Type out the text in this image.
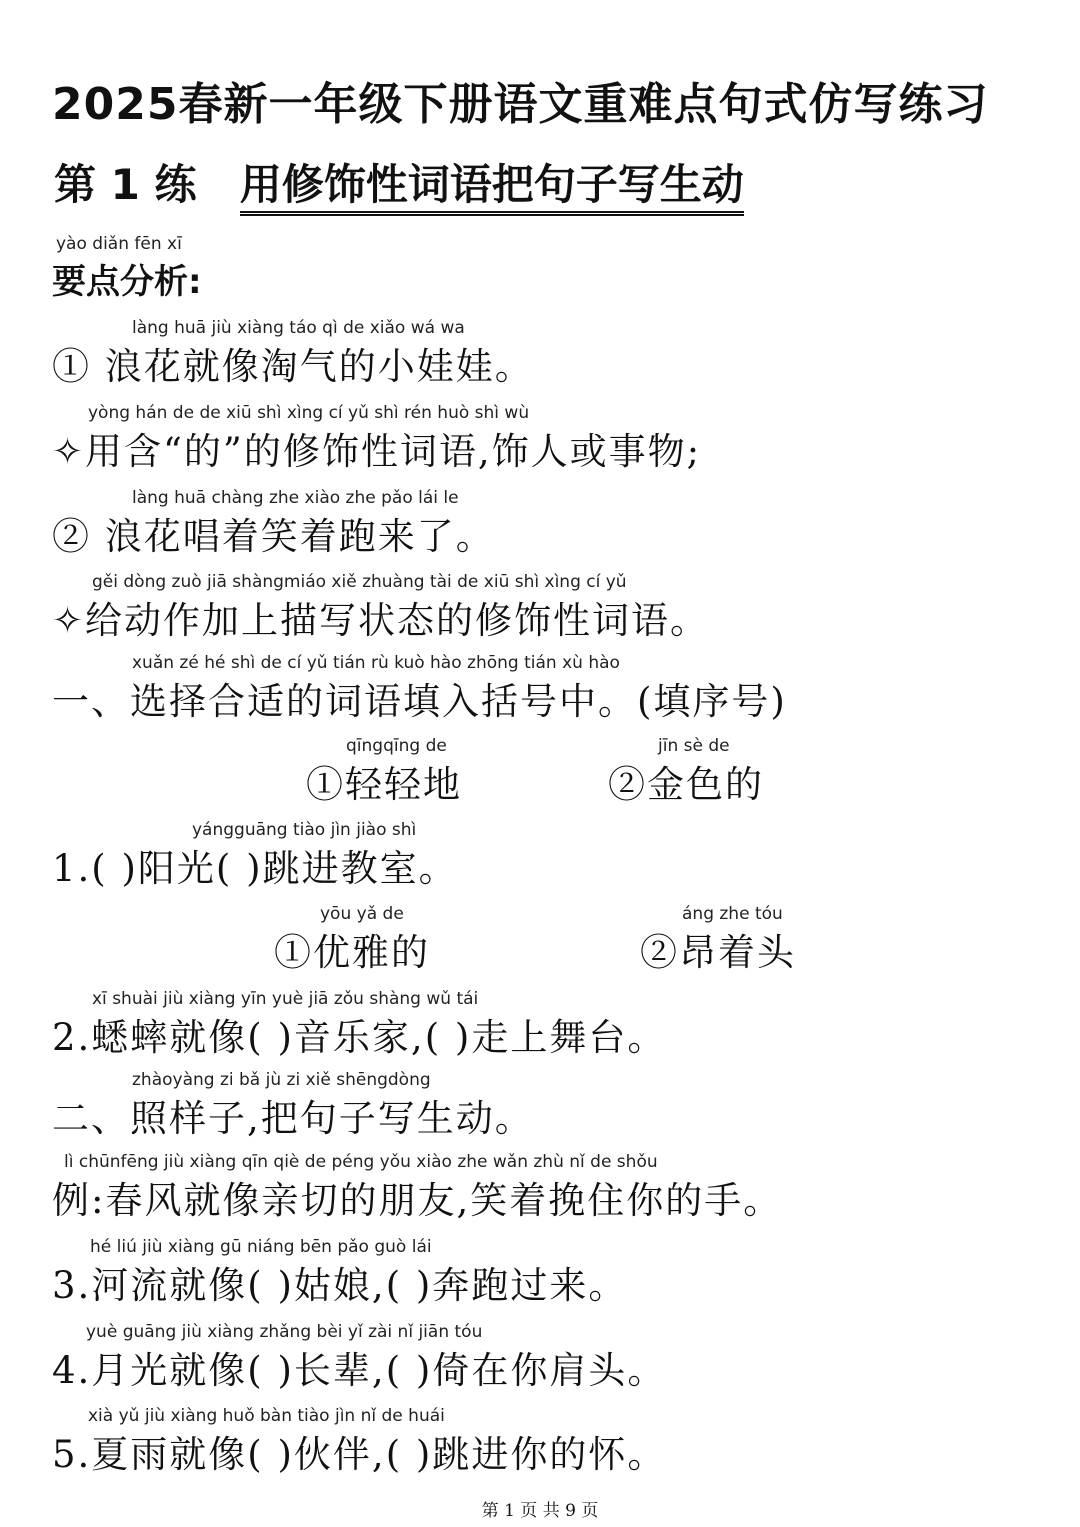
2025春新一年级下册语文重难点句式仿写练习
第 1 练 用修饰性词语把句子写生动
yào diǎn fēn xī
要点分析:
làng huā jiù xiàng táo qì de xiǎo wá wa
① 浪花就像淘气的小娃娃。
yòng hán de de xiū shì xìng cí yǔ shì rén huò shì wù
✧用含“的”的修饰性词语,饰人或事物;
làng huā chàng zhe xiào zhe pǎo lái le
② 浪花唱着笑着跑来了。
gěi dòng zuò jiā shàngmiáo xiě zhuàng tài de xiū shì xìng cí yǔ
✧给动作加上描写状态的修饰性词语。
xuǎn zé hé shì de cí yǔ tián rù kuò hào zhōng tián xù hào
一、选择合适的词语填入括号中。(填序号)
qīngqīng de
①轻轻地
jīn sè de
②金色的
yángguāng tiào jìn jiào shì
1.( )阳光( )跳进教室。
yōu yǎ de
①优雅的
áng zhe tóu
②昂着头
xī shuài jiù xiàng yīn yuè jiā zǒu shàng wǔ tái
2.蟋蟀就像( )音乐家,( )走上舞台。
zhàoyàng zi bǎ jù zi xiě shēngdòng
二、照样子,把句子写生动。
lì chūnfēng jiù xiàng qīn qiè de péng yǒu xiào zhe wǎn zhù nǐ de shǒu
例:春风就像亲切的朋友,笑着挽住你的手。
hé liú jiù xiàng gū niáng bēn pǎo guò lái
3.河流就像( )姑娘,( )奔跑过来。
yuè guāng jiù xiàng zhǎng bèi yǐ zài nǐ jiān tóu
4.月光就像( )长辈,( )倚在你肩头。
xià yǔ jiù xiàng huǒ bàn tiào jìn nǐ de huái
5.夏雨就像( )伙伴,( )跳进你的怀。
第 1 页 共 9 页
